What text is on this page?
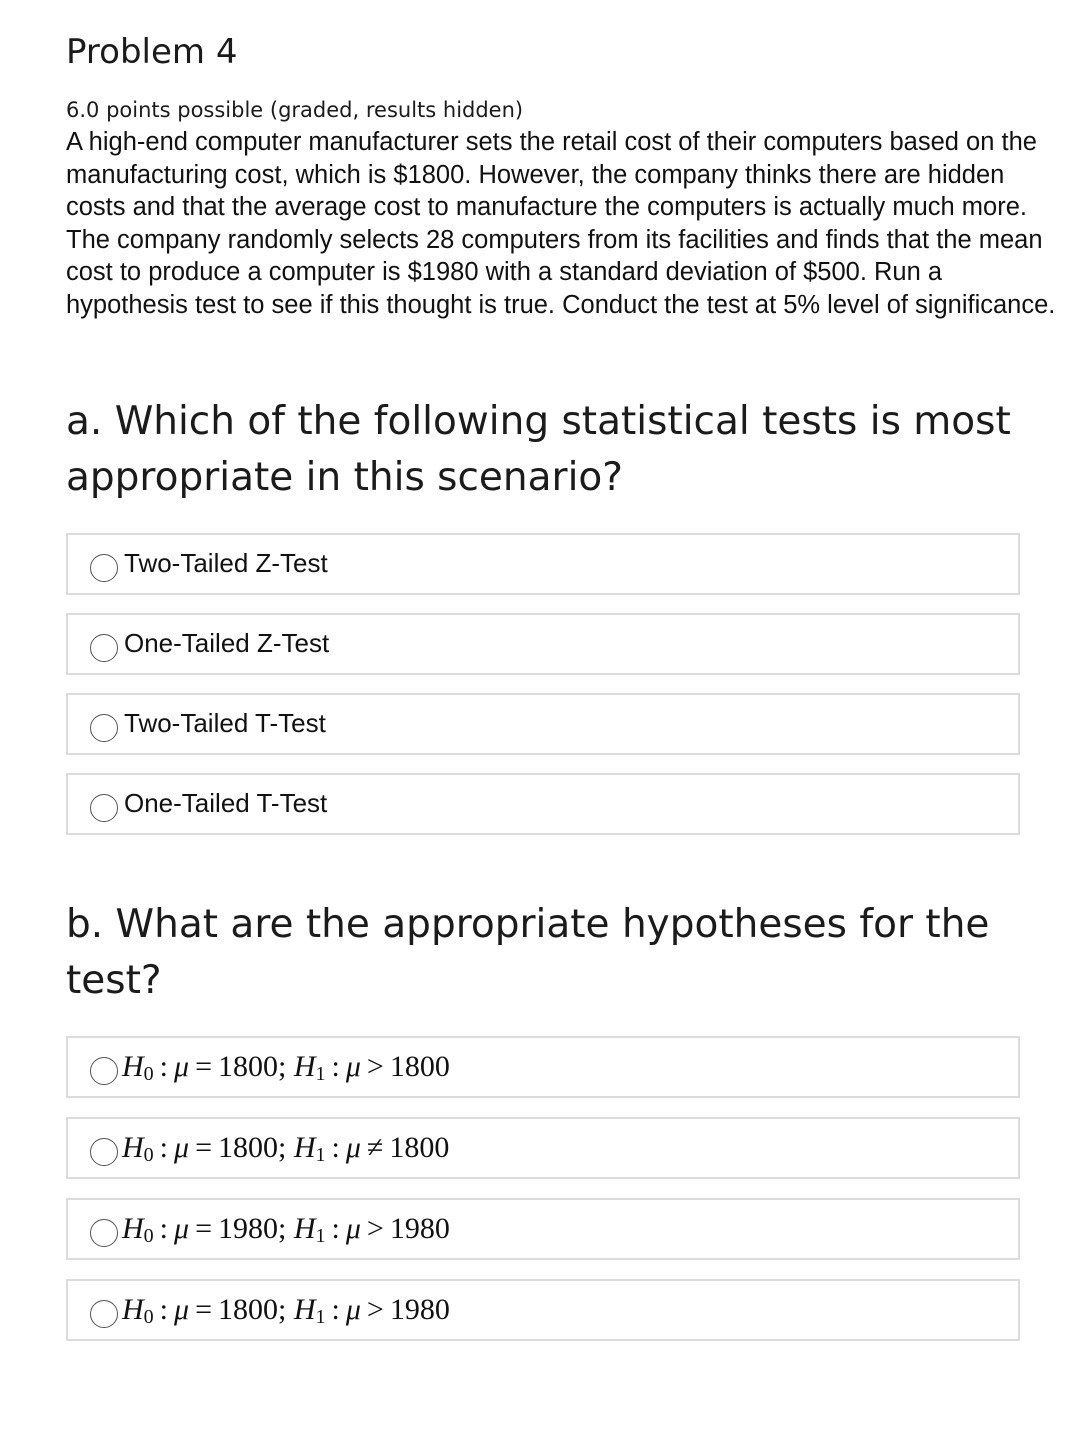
Problem 4
6.0 points possible (graded, results hidden)

A high-end computer manufacturer sets the retail cost of their computers based on the manufacturing cost, which is $1800. However, the company thinks there are hidden costs and that the average cost to manufacture the computers is actually much more. The company randomly selects 28 computers from its facilities and finds that the mean cost to produce a computer is $1980 with a standard deviation of $500. Run a hypothesis test to see if this thought is true. Conduct the test at 5% level of significance.

a. Which of the following statistical tests is most appropriate in this scenario?
Two-Tailed Z-Test
One-Tailed Z-Test
Two-Tailed T-Test
One-Tailed T-Test
b. What are the appropriate hypotheses for the test?
$H_0$ : μ = 1800; $H_1$ : μ > 1800
$H_0$ : μ = 1800; $H_1$ : μ ≠ 1800
$H_0$ : μ = 1980; $H_1$ : μ > 1980
$H_0$ : μ = 1800; $H_1$ : μ > 1980
